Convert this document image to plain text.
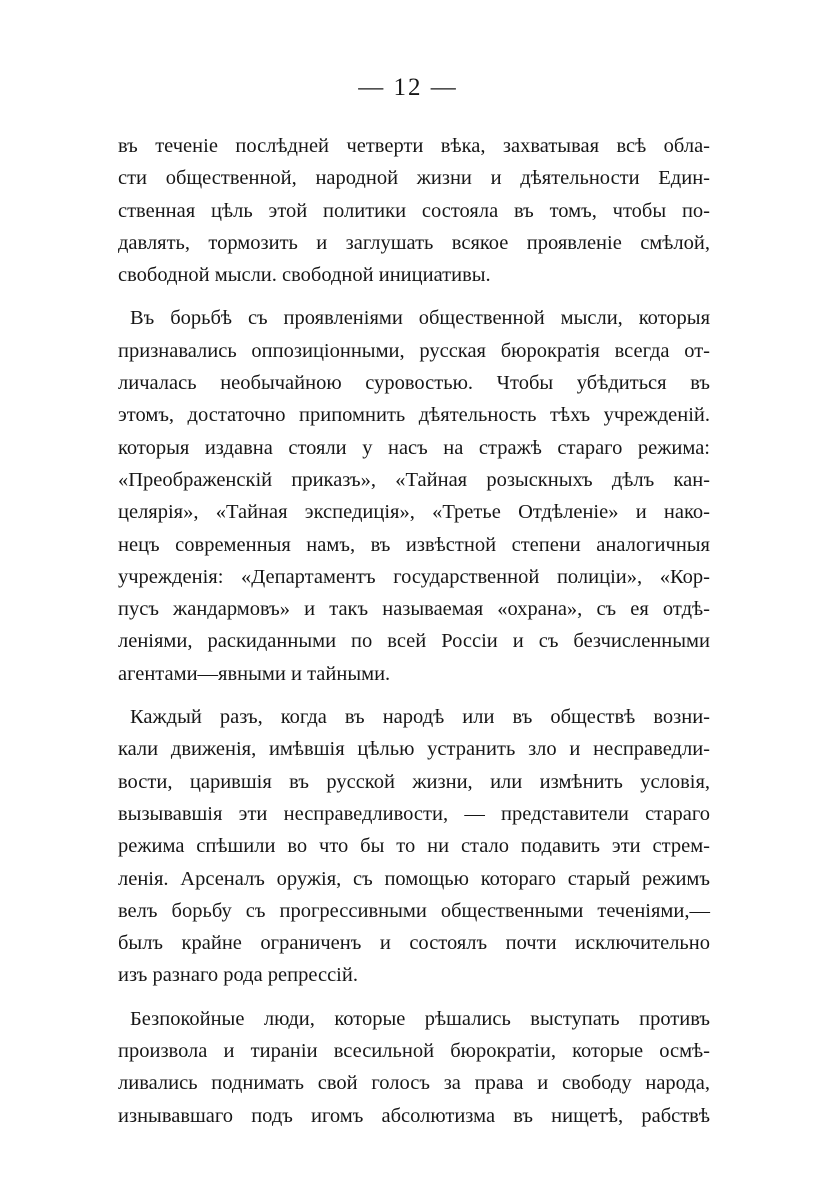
— 12 —

въ теченіе послѣдней четверти вѣка, захватывая всѣ обла-
сти общественной, народной жизни и дѣятельности Един-
ственная цѣль этой политики состояла въ томъ, чтобы по-
давлять, тормозить и заглушать всякое проявленіе смѣлой,
свободной мысли. свободной инициативы.

Въ борьбѣ съ проявленіями общественной мысли, которыя
признавались оппозиціонными, русская бюрократія всегда от-
личалась необычайною суровостью. Чтобы убѣдиться въ
этомъ, достаточно припомнить дѣятельность тѣхъ учрежденій.
которыя издавна стояли у насъ на стражѣ стараго режима:
«Преображенскій приказъ», «Тайная розыскныхъ дѣлъ кан-
целярія», «Тайная экспедиція», «Третье Отдѣленіе» и нако-
нецъ современныя намъ, въ извѣстной степени аналогичныя
учрежденія: «Департаментъ государственной полиціи», «Кор-
пусъ жандармовъ» и такъ называемая «охрана», съ ея отдѣ-
леніями, раскиданными по всей Россіи и съ безчисленными
агентами—явными и тайными.

Каждый разъ, когда въ народѣ или въ обществѣ возни-
кали движенія, имѣвшія цѣлью устранить зло и несправедли-
вости, царившія въ русской жизни, или измѣнить условія,
вызывавшія эти несправедливости, — представители стараго
режима спѣшили во что бы то ни стало подавить эти стрем-
ленія. Арсеналъ оружія, съ помощью котораго старый режимъ
велъ борьбу съ прогрессивными общественными теченіями,—
былъ крайне ограниченъ и состоялъ почти исключительно
изъ разнаго рода репрессій.

Безпокойные люди, которые рѣшались выступать противъ
произвола и тираніи всесильной бюрократіи, которые осмѣ-
ливались поднимать свой голосъ за права и свободу народа,
изнывавшаго подъ игомъ абсолютизма въ нищетѣ, рабствѣ
